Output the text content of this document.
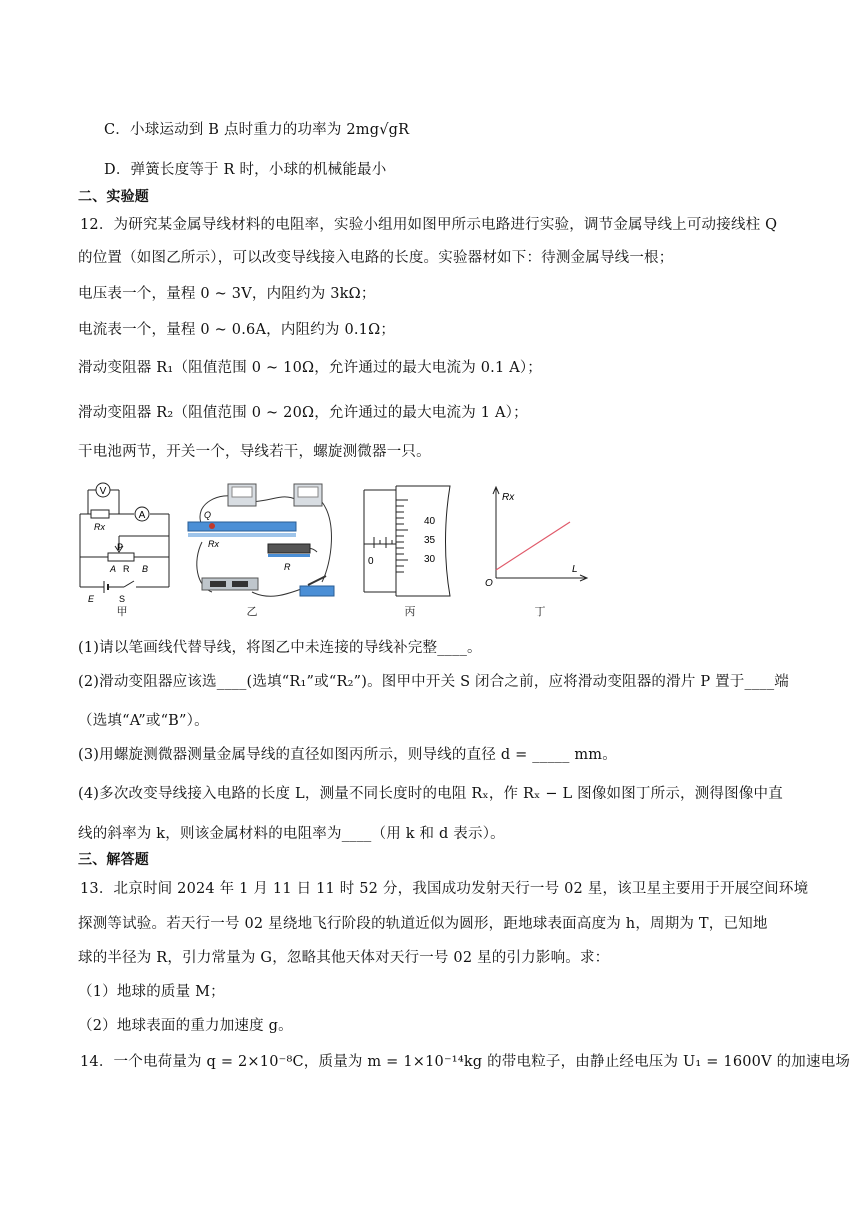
C．小球运动到 B 点时重力的功率为 2mg√gR
D．弹簧长度等于 R 时，小球的机械能最小
二、实验题
12．为研究某金属导线材料的电阻率，实验小组用如图甲所示电路进行实验，调节金属导线上可动接线柱 Q
的位置（如图乙所示），可以改变导线接入电路的长度。实验器材如下：待测金属导线一根；
电压表一个，量程 0 ~ 3V，内阻约为 3kΩ；
电流表一个，量程 0 ~ 0.6A，内阻约为 0.1Ω；
滑动变阻器 R₁（阻值范围 0 ~ 10Ω，允许通过的最大电流为 0.1 A）；
滑动变阻器 R₂（阻值范围 0 ~ 20Ω，允许通过的最大电流为 1 A）；
干电池两节，开关一个，导线若干，螺旋测微器一只。
V
A
Rx
P
A R B
E	S
甲
Q
Rx
R
乙
40
35
30
0
丙
Rx
L
O
丁
(1)请以笔画线代替导线，将图乙中未连接的导线补完整____。
(2)滑动变阻器应该选____(选填“R₁”或“R₂”)。图甲中开关 S 闭合之前，应将滑动变阻器的滑片 P 置于____端
（选填“A”或“B”）。
(3)用螺旋测微器测量金属导线的直径如图丙所示，则导线的直径 d = _____ mm。
(4)多次改变导线接入电路的长度 L，测量不同长度时的电阻 Rₓ，作 Rₓ − L 图像如图丁所示，测得图像中直
线的斜率为 k，则该金属材料的电阻率为____（用 k 和 d 表示）。
三、解答题
13．北京时间 2024 年 1 月 11 日 11 时 52 分，我国成功发射天行一号 02 星，该卫星主要用于开展空间环境
探测等试验。若天行一号 02 星绕地飞行阶段的轨道近似为圆形，距地球表面高度为 h，周期为 T，已知地
球的半径为 R，引力常量为 G，忽略其他天体对天行一号 02 星的引力影响。求：
（1）地球的质量 M；
（2）地球表面的重力加速度 g。
14．一个电荷量为 q = 2×10⁻⁸C，质量为 m = 1×10⁻¹⁴kg 的带电粒子，由静止经电压为 U₁ = 1600V 的加速电场
